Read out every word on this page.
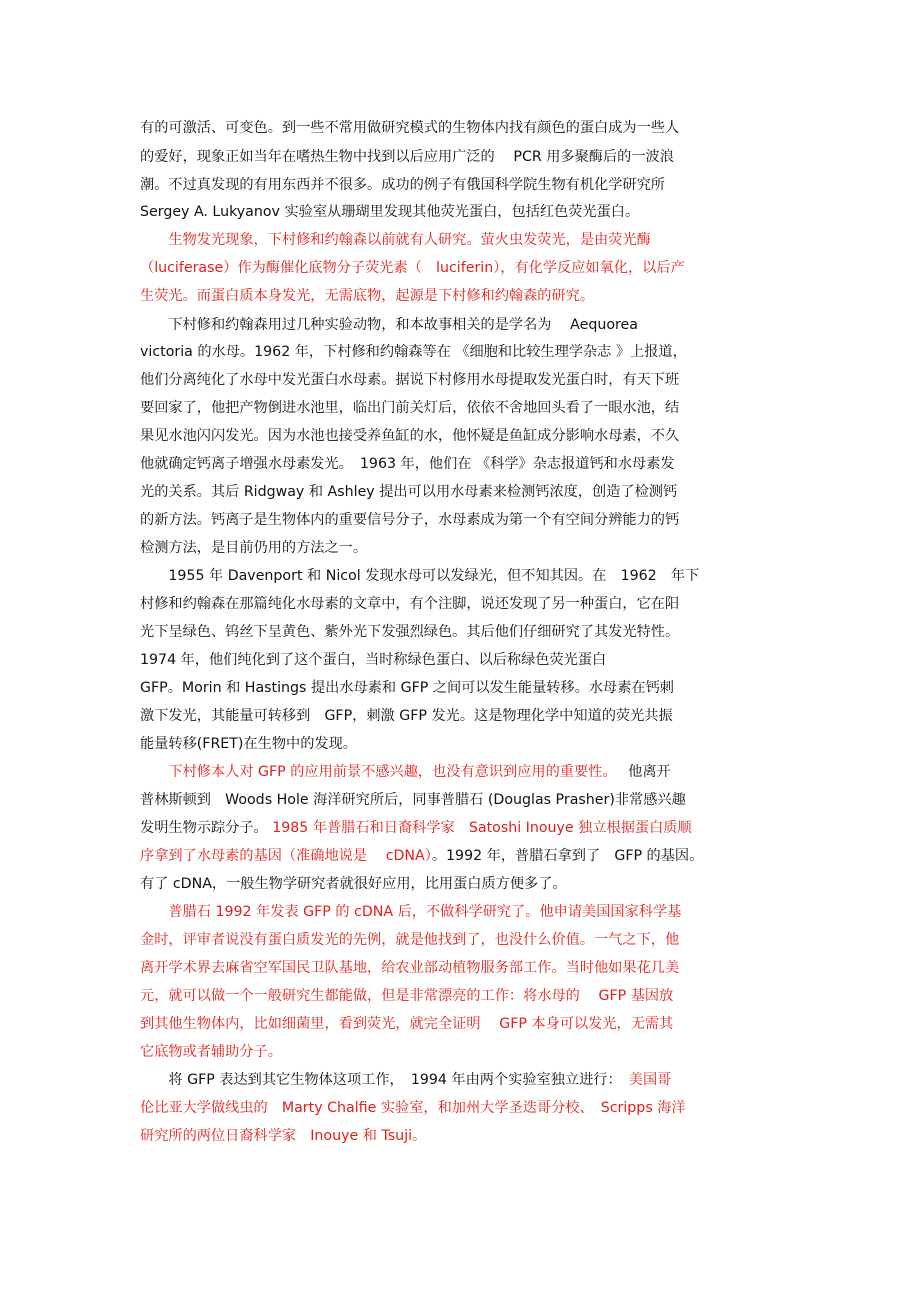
有的可激活、可变色。到一些不常用做研究模式的生物体内找有颜色的蛋白成为一些人
的爱好，现象正如当年在嗜热生物中找到以后应用广泛的　 PCR 用多聚酶后的一波浪
潮。不过真发现的有用东西并不很多。成功的例子有俄国科学院生物有机化学研究所
Sergey A. Lukyanov 实验室从珊瑚里发现其他荧光蛋白，包括红色荧光蛋白。
　　生物发光现象，下村修和约翰森以前就有人研究。萤火虫发荧光，是由荧光酶
（luciferase）作为酶催化底物分子荧光素（　luciferin），有化学反应如氧化，以后产
生荧光。而蛋白质本身发光，无需底物，起源是下村修和约翰森的研究。
　　下村修和约翰森用过几种实验动物，和本故事相关的是学名为　 Aequorea
victoria 的水母。1962 年，下村修和约翰森等在 《细胞和比较生理学杂志 》上报道，
他们分离纯化了水母中发光蛋白水母素。据说下村修用水母提取发光蛋白时，有天下班
要回家了，他把产物倒进水池里，临出门前关灯后，依依不舍地回头看了一眼水池，结
果见水池闪闪发光。因为水池也接受养鱼缸的水，他怀疑是鱼缸成分影响水母素，不久
他就确定钙离子增强水母素发光。　1963 年，他们在 《科学》杂志报道钙和水母素发
光的关系。其后 Ridgway 和 Ashley 提出可以用水母素来检测钙浓度，创造了检测钙
的新方法。钙离子是生物体内的重要信号分子，水母素成为第一个有空间分辨能力的钙
检测方法，是目前仍用的方法之一。
　　1955 年 Davenport 和 Nicol 发现水母可以发绿光，但不知其因。在　1962　年下
村修和约翰森在那篇纯化水母素的文章中，有个注脚，说还发现了另一种蛋白，它在阳
光下呈绿色、钨丝下呈黄色、紫外光下发强烈绿色。其后他们仔细研究了其发光特性。
1974 年，他们纯化到了这个蛋白，当时称绿色蛋白、以后称绿色荧光蛋白
GFP。Morin 和 Hastings 提出水母素和 GFP 之间可以发生能量转移。水母素在钙刺
激下发光，其能量可转移到　GFP，刺激 GFP 发光。这是物理化学中知道的荧光共振
能量转移(FRET)在生物中的发现。
　　下村修本人对 GFP 的应用前景不感兴趣，也没有意识到应用的重要性。　 他离开
普林斯顿到　Woods Hole 海洋研究所后，同事普腊石 (Douglas Prasher)非常感兴趣
发明生物示踪分子。 1985 年普腊石和日裔科学家　Satoshi Inouye 独立根据蛋白质顺
序拿到了水母素的基因（准确地说是　 cDNA）。1992 年，普腊石拿到了　GFP 的基因。
有了 cDNA，一般生物学研究者就很好应用，比用蛋白质方便多了。
　　普腊石 1992 年发表 GFP 的 cDNA 后，不做科学研究了。他申请美国国家科学基
金时，评审者说没有蛋白质发光的先例，就是他找到了，也没什么价值。一气之下，他
离开学术界去麻省空军国民卫队基地，给农业部动植物服务部工作。当时他如果花几美
元，就可以做一个一般研究生都能做，但是非常漂亮的工作：将水母的　 GFP 基因放
到其他生物体内，比如细菌里，看到荧光，就完全证明　 GFP 本身可以发光，无需其
它底物或者辅助分子。
　　将 GFP 表达到其它生物体这项工作，　1994 年由两个实验室独立进行：　美国哥
伦比亚大学做线虫的　Marty Chalfie 实验室，和加州大学圣迭哥分校、　Scripps 海洋
研究所的两位日裔科学家　Inouye 和 Tsuji。
